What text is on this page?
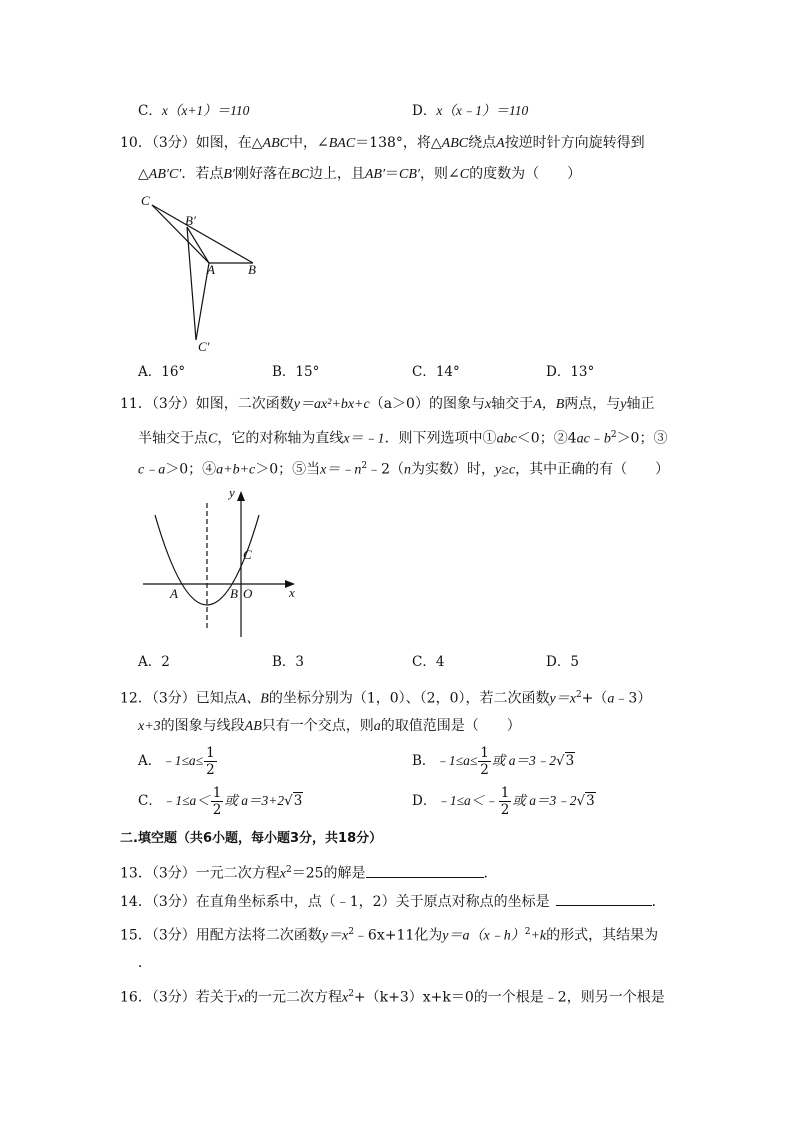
C．x（x+1）＝110	D．x（x﹣1）＝110
10．（3分）如图，在△ABC中，∠BAC＝138°，将△ABC绕点A按逆时针方向旋转得到
△AB′C′．若点B′刚好落在BC边上，且AB′＝CB′，则∠C的度数为（　　）
C
B′
A	B
C′
A．16°	B．15°	C．14°	D．13°
11．（3分）如图，二次函数y＝ax²+bx+c（a＞0）的图象与x轴交于A，B两点，与y轴正
半轴交于点C，它的对称轴为直线x＝﹣1．则下列选项中①abc＜0；$②4ac﹣b^2>0$；③
c﹣a＞0；④a+b+c＞0；⑤当$x=﹣n^2﹣2(n$为实数）时，y≥c，其中正确的有（　　）
y
C
x
A	B O
A．2	B．3	C．4	D．5
12．（3分）已知点A、B的坐标分别为（1，0）、（2，0），若二次函数$y=x^2+(a﹣3)$
x+3的图象与线段AB只有一个交点，则a的取值范围是（　　）
A．﹣1≤a≤ $\frac{1}{2}$	B．﹣1≤a≤ $\frac{1}{2}$ 或 a＝3﹣2√3
C．﹣1≤a＜ $\frac{1}{2}$ 或 a＝3+2√3	D．﹣1≤a＜﹣ $\frac{1}{2}$ 或 a＝3﹣2√3
二.填空题（共6小题，每小题3分，共18分）
13．（3分）一元二次方程$x^2=25$的解是	．
14．（3分）在直角坐标系中，点（﹣1，2）关于原点对称点的坐标是	．
15．（3分）用配方法将二次函数$y=x^2﹣6x+11$化为y＝a（x﹣h）$^2$+k的形式，其结果为
．
16．（3分）若关于x的一元二次方程$x^2+(k+3)x+k=0$的一个根是﹣2，则另一个根是
